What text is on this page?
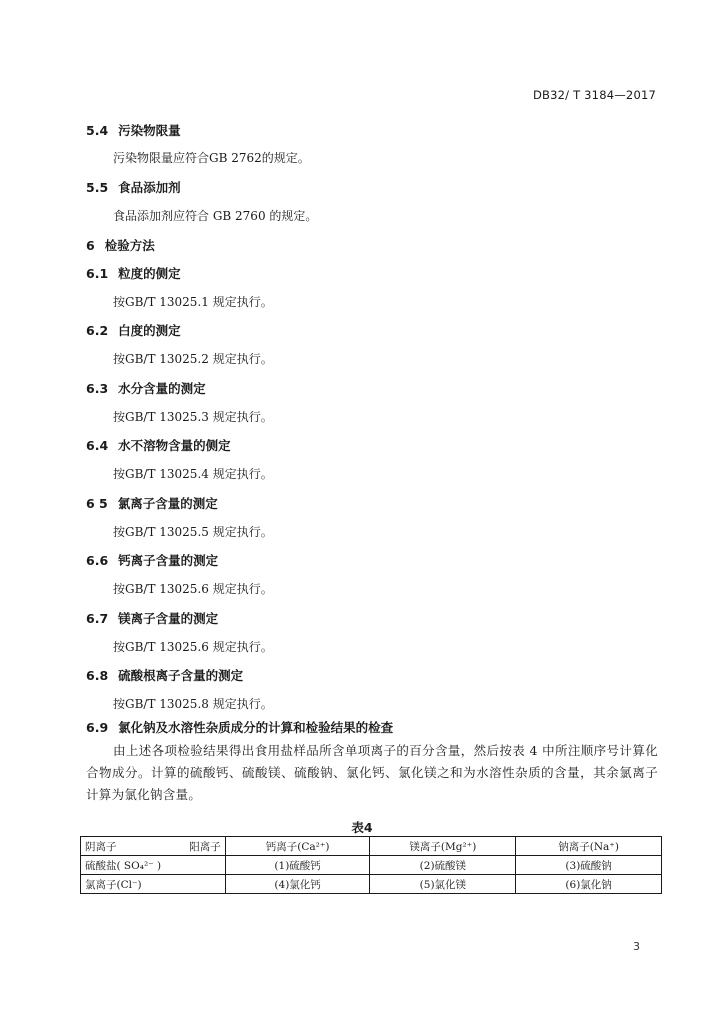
DB32/ T 3184—2017
5.4 污染物限量
污染物限量应符合GB 2762的规定。
5.5 食品添加剂
食品添加剂应符合 GB 2760 的规定。
6 检验方法
6.1 粒度的侧定
按GB/T 13025.1 规定执行。
6.2 白度的测定
按GB/T 13025.2 规定执行。
6.3 水分含量的测定
按GB/T 13025.3 规定执行。
6.4 水不溶物含量的侧定
按GB/T 13025.4 规定执行。
6 5 氯离子含量的测定
按GB/T 13025.5 规定执行。
6.6 钙离子含量的测定
按GB/T 13025.6 规定执行。
6.7 镁离子含量的测定
按GB/T 13025.6 规定执行。
6.8 硫酸根离子含量的测定
按GB/T 13025.8 规定执行。
6.9 氯化钠及水溶性杂质成分的计算和检验结果的检查
由上述各项检验结果得出食用盐样品所含单项离子的百分含量，然后按表 4 中所注顺序号计算化合物成分。计算的硫酸钙、硫酸镁、硫酸钠、氯化钙、氯化镁之和为水溶性杂质的含量，其余氯离子计算为氯化钠含量。
表4
阴离子 阳离子	钙离子(Ca²⁺)	镁离子(Mg²⁺)	钠离子(Na⁺)
硫酸盐( SO₄²⁻ )	(1)硫酸钙	(2)硫酸镁	(3)硫酸钠
氯离子(Cl⁻)	(4)氯化钙	(5)氯化镁	(6)氯化钠
3
